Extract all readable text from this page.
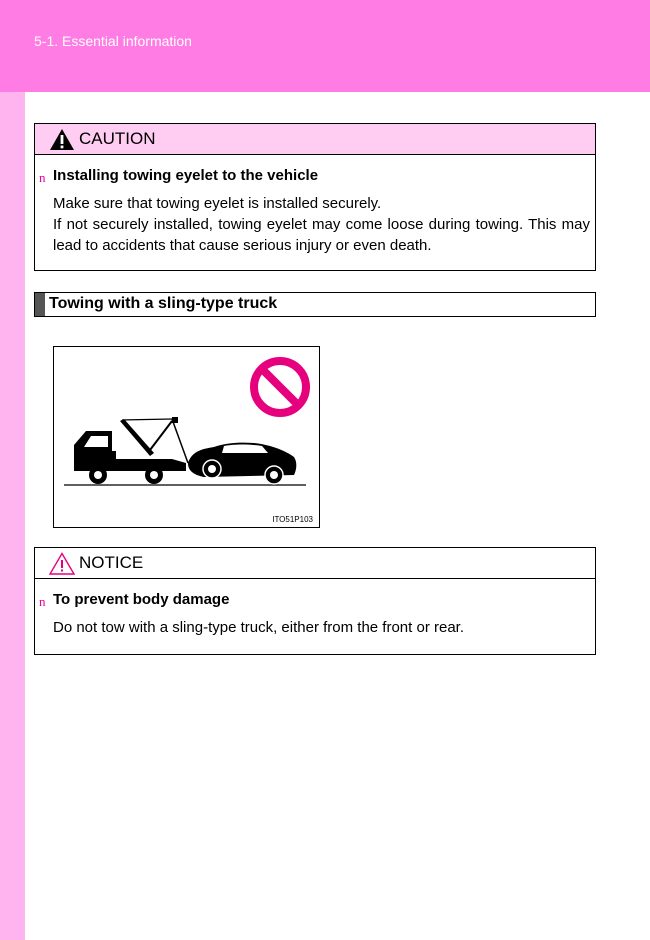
5-1. Essential information
CAUTION
n Installing towing eyelet to the vehicle
Make sure that towing eyelet is installed securely.
If not securely installed, towing eyelet may come loose during towing. This may lead to accidents that cause serious injury or even death.
Towing with a sling-type truck
ITO51P103
NOTICE
n To prevent body damage
Do not tow with a sling-type truck, either from the front or rear.
